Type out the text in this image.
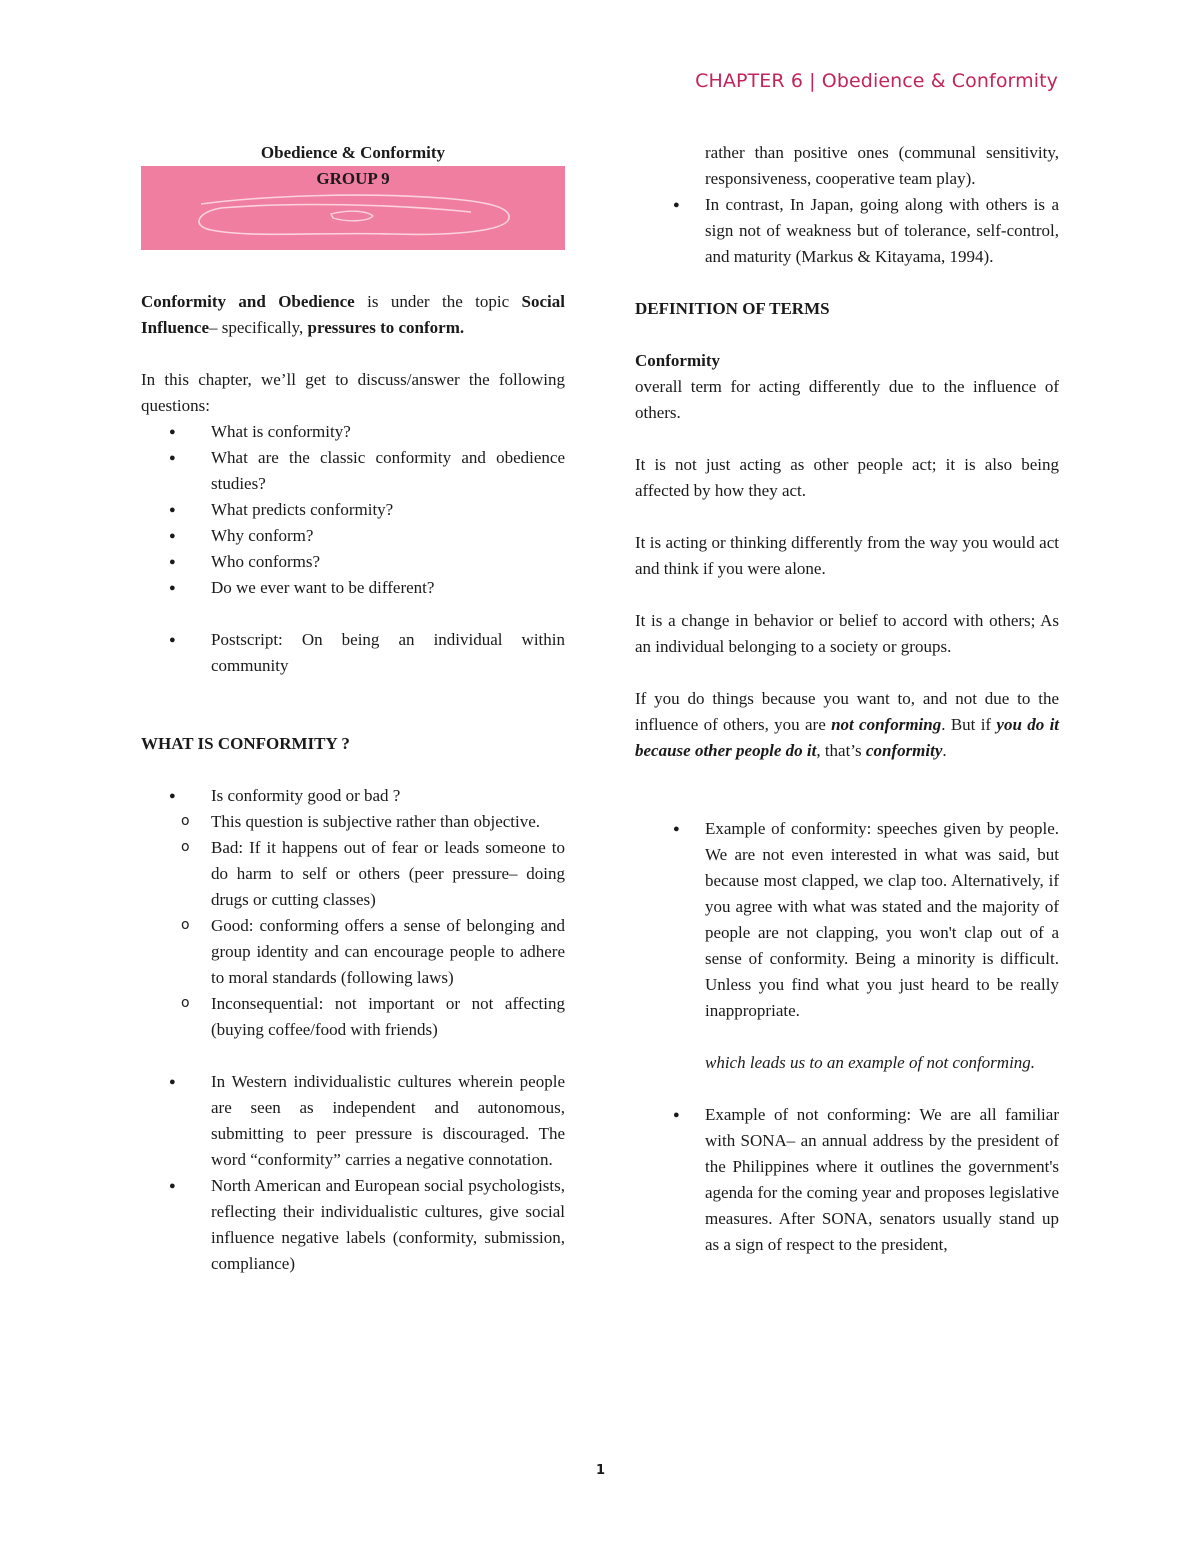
CHAPTER 6 | Obedience & Conformity

Obedience & Conformity

GROUP 9

Conformity and Obedience is under the topic Social Influence– specifically, pressures to conform.

In this chapter, we’ll get to discuss/answer the following questions:

● What is conformity?
● What are the classic conformity and obedience studies?
● What predicts conformity?
● Why conform?
● Who conforms?
● Do we ever want to be different?
● Postscript: On being an individual within community

WHAT IS CONFORMITY ?

● Is conformity good or bad ?
o This question is subjective rather than objective.
o Bad: If it happens out of fear or leads someone to do harm to self or others (peer pressure– doing drugs or cutting classes)
o Good: conforming offers a sense of belonging and group identity and can encourage people to adhere to moral standards (following laws)
o Inconsequential: not important or not affecting (buying coffee/food with friends)
● In Western individualistic cultures wherein people are seen as independent and autonomous, submitting to peer pressure is discouraged. The word “conformity” carries a negative connotation.
● North American and European social psychologists, reflecting their individualistic cultures, give social influence negative labels (conformity, submission, compliance)
rather than positive ones (communal sensitivity, responsiveness, cooperative team play).
● In contrast, In Japan, going along with others is a sign not of weakness but of tolerance, self-control, and maturity (Markus & Kitayama, 1994).

DEFINITION OF TERMS

Conformity

overall term for acting differently due to the influence of others.

It is not just acting as other people act; it is also being affected by how they act.

It is acting or thinking differently from the way you would act and think if you were alone.

It is a change in behavior or belief to accord with others; As an individual belonging to a society or groups.

If you do things because you want to, and not due to the influence of others, you are not conforming. But if you do it because other people do it, that’s conformity.

● Example of conformity: speeches given by people. We are not even interested in what was said, but because most clapped, we clap too. Alternatively, if you agree with what was stated and the majority of people are not clapping, you won't clap out of a sense of conformity. Being a minority is difficult. Unless you find what you just heard to be really inappropriate.

which leads us to an example of not conforming.

● Example of not conforming: We are all familiar with SONA– an annual address by the president of the Philippines where it outlines the government's agenda for the coming year and proposes legislative measures. After SONA, senators usually stand up as a sign of respect to the president,
1
